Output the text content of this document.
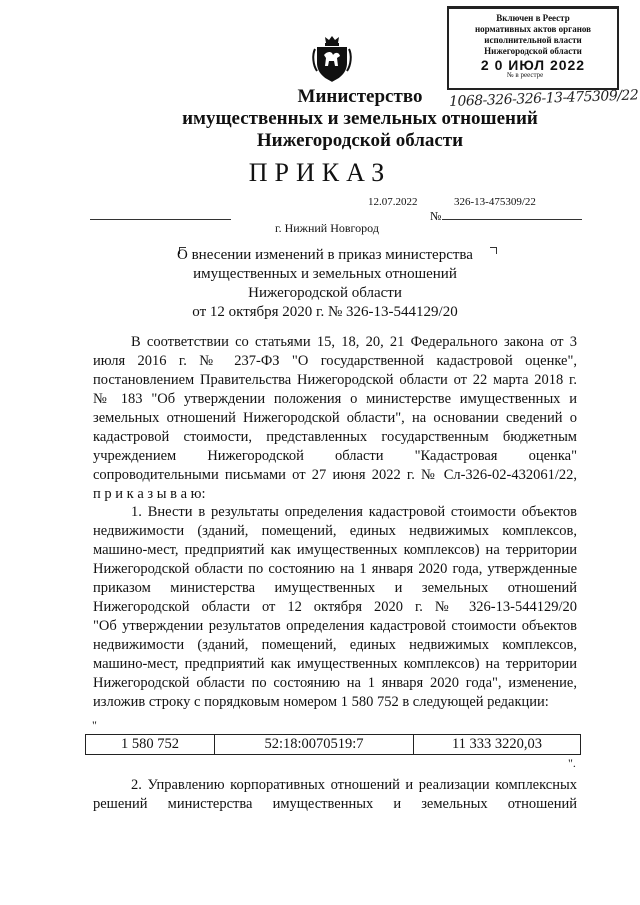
Включен в Реестр
нормативных актов органов
исполнительной власти
Нижегородской области
2 0 ИЮЛ 2022
№ в реестре
1068-326-326-13-475309/22
Министерство
имущественных и земельных отношений
Нижегородской области
ПРИКАЗ
12.07.2022	326-13-475309/22
№
г. Нижний Новгород
О внесении изменений в приказ министерства
имущественных и земельных отношений
Нижегородской области
от 12 октября 2020 г. № 326-13-544129/20
В соответствии со статьями 15, 18, 20, 21 Федерального закона от 3
июля 2016 г. № 237-ФЗ "О государственной кадастровой оценке",
постановлением Правительства Нижегородской области от 22 марта 2018 г.
№ 183 "Об утверждении положения о министерстве имущественных и
земельных отношений Нижегородской области", на основании сведений о
кадастровой стоимости, представленных государственным бюджетным
учреждением Нижегородской области "Кадастровая оценка"
сопроводительными письмами от 27 июня 2022 г. № Сл-326-02-432061/22,
п р и к а з ы в а ю:
1. Внести в результаты определения кадастровой стоимости объектов
недвижимости (зданий, помещений, единых недвижимых комплексов,
машино-мест, предприятий как имущественных комплексов) на территории
Нижегородской области по состоянию на 1 января 2020 года, утвержденные
приказом министерства имущественных и земельных отношений
Нижегородской области от 12 октября 2020 г. № 326-13-544129/20
"Об утверждении результатов определения кадастровой стоимости объектов
недвижимости (зданий, помещений, единых недвижимых комплексов,
машино-мест, предприятий как имущественных комплексов) на территории
Нижегородской области по состоянию на 1 января 2020 года", изменение,
изложив строку с порядковым номером 1 580 752 в следующей редакции:
"
1 580 752	52:18:0070519:7	11 333 3220,03
".
2. Управлению корпоративных отношений и реализации комплексных
решений министерства имущественных и земельных отношений
